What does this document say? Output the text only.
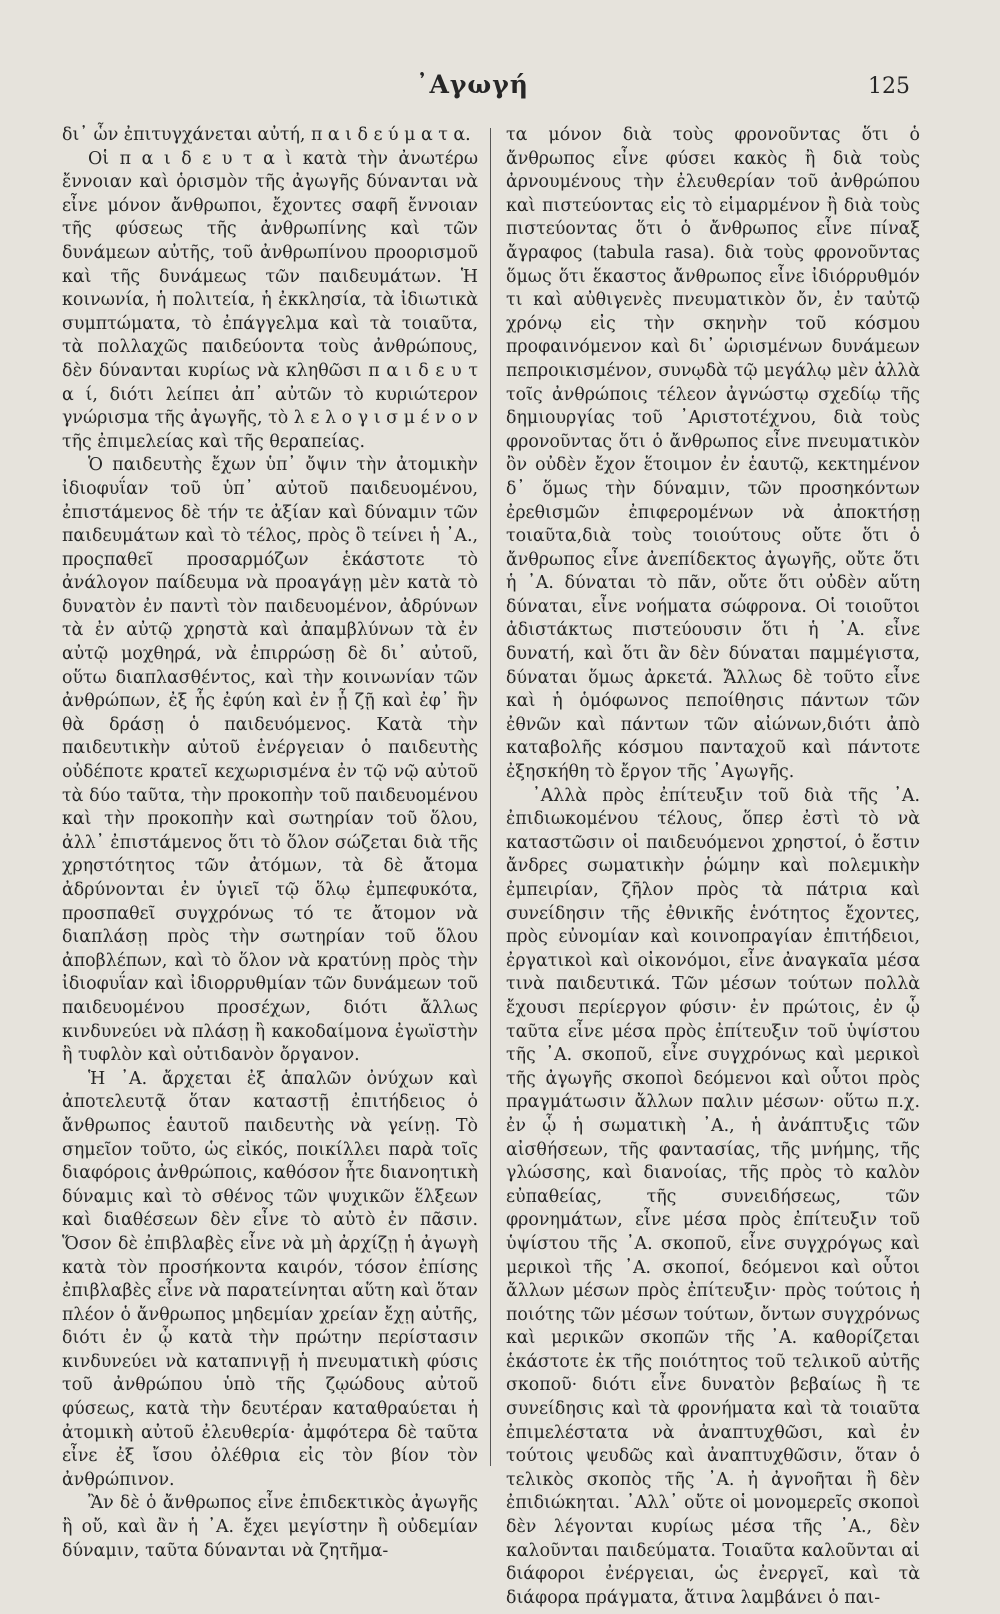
᾿Αγωγή	125

δι᾿ ὧν ἐπιτυγχάνεται αὐτή, π α ι δ ε ύ μ α τ α.

Οἱ π α ι δ ε υ τ α ὶ κατὰ τὴν ἀνωτέρω ἔννοιαν καὶ ὁρισμὸν τῆς ἀγωγῆς δύνανται νὰ εἶνε μόνον ἄνθρωποι, ἔχοντες σαφῆ ἔννοιαν τῆς φύσεως τῆς ἀνθρωπίνης καὶ τῶν δυνάμεων αὐτῆς, τοῦ ἀνθρωπίνου προορισμοῦ καὶ τῆς δυνάμεως τῶν παιδευμάτων. Ἡ κοινωνία, ἡ πολιτεία, ἡ ἐκκλησία, τὰ ἰδιωτικὰ συμπτώματα, τὸ ἐπάγγελμα καὶ τὰ τοιαῦτα, τὰ πολλαχῶς παιδεύοντα τοὺς ἀνθρώπους, δὲν δύνανται κυρίως νὰ κληθῶσι π α ι δ ε υ τ α ί, διότι λείπει ἀπ᾿ αὐτῶν τὸ κυριώτερον γνώρισμα τῆς ἀγωγῆς, τὸ λ ε λ ο γ ι σ μ έ ν ο ν τῆς ἐπιμελείας καὶ τῆς θεραπείας.

Ὁ παιδευτὴς ἔχων ὑπ᾿ ὄψιν τὴν ἀτομικὴν ἰδιοφυΐαν τοῦ ὑπ᾿ αὐτοῦ παιδευομένου, ἐπιστάμενος δὲ τήν τε ἀξίαν καὶ δύναμιν τῶν παιδευμάτων καὶ τὸ τέλος, πρὸς ὃ τείνει ἡ ᾿Α., προςπαθεῖ προσαρμόζων ἑκάστοτε τὸ ἀνάλογον παίδευμα νὰ προαγάγῃ μὲν κατὰ τὸ δυνατὸν ἐν παντὶ τὸν παιδευομένον, ἀδρύνων τὰ ἐν αὐτῷ χρηστὰ καὶ ἀπαμβλύνων τὰ ἐν αὐτῷ μοχθηρά, νὰ ἐπιρρώσῃ δὲ δι᾿ αὐτοῦ, οὕτω διαπλασθέντος, καὶ τὴν κοινωνίαν τῶν ἀνθρώπων, ἐξ ἧς ἐφύη καὶ ἐν ᾗ ζῇ καὶ ἐφ᾿ ἣν θὰ δράσῃ ὁ παιδευόμενος. Κατὰ τὴν παιδευτικὴν αὐτοῦ ἐνέργειαν ὁ παιδευτὴς οὐδέποτε κρατεῖ κεχωρισμένα ἐν τῷ νῷ αὐτοῦ τὰ δύο ταῦτα, τὴν προκοπὴν τοῦ παιδευομένου καὶ τὴν προκοπὴν καὶ σωτηρίαν τοῦ ὅλου, ἀλλ᾿ ἐπιστάμενος ὅτι τὸ ὅλον σώζεται διὰ τῆς χρηστότητος τῶν ἀτόμων, τὰ δὲ ἄτομα ἀδρύνονται ἐν ὑγιεῖ τῷ ὅλῳ ἐμπεφυκότα, προσπαθεῖ συγχρόνως τό τε ἄτομον νὰ διαπλάσῃ πρὸς τὴν σωτηρίαν τοῦ ὅλου ἀποβλέπων, καὶ τὸ ὅλον νὰ κρατύνῃ πρὸς τὴν ἰδιοφυΐαν καὶ ἰδιορρυθμίαν τῶν δυνάμεων τοῦ παιδευομένου προσέχων, διότι ἄλλως κινδυνεύει νὰ πλάσῃ ἢ κακοδαίμονα ἐγωϊστὴν ἢ τυφλὸν καὶ οὐτιδανὸν ὄργανον.

Ἡ ᾿Α. ἄρχεται ἐξ ἁπαλῶν ὀνύχων καὶ ἀποτελευτᾷ ὅταν καταστῇ ἐπιτήδειος ὁ ἄνθρωπος ἑαυτοῦ παιδευτὴς νὰ γείνῃ. Τὸ σημεῖον τοῦτο, ὡς εἰκός, ποικίλλει παρὰ τοῖς διαφόροις ἀνθρώποις, καθόσον ἧτε διανοητικὴ δύναμις καὶ τὸ σθένος τῶν ψυχικῶν ἕλξεων καὶ διαθέσεων δὲν εἶνε τὸ αὐτὸ ἐν πᾶσιν. Ὅσον δὲ ἐπιβλαβὲς εἶνε νὰ μὴ ἀρχίζῃ ἡ ἀγωγὴ κατὰ τὸν προσήκοντα καιρόν, τόσον ἐπίσης ἐπιβλαβὲς εἶνε νὰ παρατείνηται αὕτη καὶ ὅταν πλέον ὁ ἄνθρωπος μηδεμίαν χρείαν ἔχῃ αὐτῆς, διότι ἐν ᾧ κατὰ τὴν πρώτην περίστασιν κινδυνεύει νὰ καταπνιγῇ ἡ πνευματικὴ φύσις τοῦ ἀνθρώπου ὑπὸ τῆς ζῳώδους αὐτοῦ φύσεως, κατὰ τὴν δευτέραν καταθραύεται ἡ ἀτομικὴ αὐτοῦ ἐλευθερία· ἀμφότερα δὲ ταῦτα εἶνε ἐξ ἴσου ὀλέθρια εἰς τὸν βίον τὸν ἀνθρώπινον.

Ἂν δὲ ὁ ἄνθρωπος εἶνε ἐπιδεκτικὸς ἀγωγῆς ἢ οὔ, καὶ ἂν ἡ ᾿Α. ἔχει μεγίστην ἢ οὐδεμίαν δύναμιν, ταῦτα δύνανται νὰ ζητῆμα-

τα μόνον διὰ τοὺς φρονοῦντας ὅτι ὁ ἄνθρωπος εἶνε φύσει κακὸς ἢ διὰ τοὺς ἀρνουμένους τὴν ἐλευθερίαν τοῦ ἀνθρώπου καὶ πιστεύοντας εἰς τὸ εἱμαρμένον ἢ διὰ τοὺς πιστεύοντας ὅτι ὁ ἄνθρωπος εἶνε πίναξ ἄγραφος (tabula rasa). διὰ τοὺς φρονοῦντας ὅμως ὅτι ἕκαστος ἄνθρωπος εἶνε ἰδιόρρυθμόν τι καὶ αὐθιγενὲς πνευματικὸν ὄν, ἐν ταὐτῷ χρόνῳ εἰς τὴν σκηνὴν τοῦ κόσμου προφαινόμενον καὶ δι᾿ ὡρισμένων δυνάμεων πεπροικισμένον, συνῳδὰ τῷ μεγάλῳ μὲν ἀλλὰ τοῖς ἀνθρώποις τέλεον ἀγνώστῳ σχεδίῳ τῆς δημιουργίας τοῦ ᾿Αριστοτέχνου, διὰ τοὺς φρονοῦντας ὅτι ὁ ἄνθρωπος εἶνε πνευματικὸν ὂν οὐδὲν ἔχον ἕτοιμον ἐν ἑαυτῷ, κεκτημένον δ᾿ ὅμως τὴν δύναμιν, τῶν προσηκόντων ἐρεθισμῶν ἐπιφερομένων νὰ ἀποκτήσῃ τοιαῦτα,διὰ τοὺς τοιούτους οὔτε ὅτι ὁ ἄνθρωπος εἶνε ἀνεπίδεκτος ἀγωγῆς, οὔτε ὅτι ἡ ᾿Α. δύναται τὸ πᾶν, οὔτε ὅτι οὐδὲν αὕτη δύναται, εἶνε νοήματα σώφρονα. Οἱ τοιοῦτοι ἀδιστάκτως πιστεύουσιν ὅτι ἡ ᾿Α. εἶνε δυνατή, καὶ ὅτι ἂν δὲν δύναται παμμέγιστα, δύναται ὅμως ἀρκετά. Ἄλλως δὲ τοῦτο εἶνε καὶ ἡ ὁμόφωνος πεποίθησις πάντων τῶν ἐθνῶν καὶ πάντων τῶν αἰώνων,διότι ἀπὸ καταβολῆς κόσμου πανταχοῦ καὶ πάντοτε ἐξησκήθη τὸ ἔργον τῆς ᾿Αγωγῆς.

᾿Αλλὰ πρὸς ἐπίτευξιν τοῦ διὰ τῆς ᾿Α. ἐπιδιωκομένου τέλους, ὅπερ ἐστὶ τὸ νὰ καταστῶσιν οἱ παιδευόμενοι χρηστοί, ὁ ἔστιν ἄνδρες σωματικὴν ῥώμην καὶ πολεμικὴν ἐμπειρίαν, ζῆλον πρὸς τὰ πάτρια καὶ συνείδησιν τῆς ἐθνικῆς ἑνότητος ἔχοντες, πρὸς εὐνομίαν καὶ κοινοπραγίαν ἐπιτήδειοι, ἐργατικοὶ καὶ οἰκονόμοι, εἶνε ἀναγκαῖα μέσα τινὰ παιδευτικά. Τῶν μέσων τούτων πολλὰ ἔχουσι περίεργον φύσιν· ἐν πρώτοις, ἐν ᾧ ταῦτα εἶνε μέσα πρὸς ἐπίτευξιν τοῦ ὑψίστου τῆς ᾿Α. σκοποῦ, εἶνε συγχρόνως καὶ μερικοὶ τῆς ἀγωγῆς σκοποὶ δεόμενοι καὶ οὗτοι πρὸς πραγμάτωσιν ἄλλων παλιν μέσων· οὕτω π.χ. ἐν ᾧ ἡ σωματικὴ ᾿Α., ἡ ἀνάπτυξις τῶν αἰσθήσεων, τῆς φαντασίας, τῆς μνήμης, τῆς γλώσσης, καὶ διανοίας, τῆς πρὸς τὸ καλὸν εὐπαθείας, τῆς συνειδήσεως, τῶν φρονημάτων, εἶνε μέσα πρὸς ἐπίτευξιν τοῦ ὑψίστου τῆς ᾿Α. σκοποῦ, εἶνε συγχρόγως καὶ μερικοὶ τῆς ᾿Α. σκοποί, δεόμενοι καὶ οὗτοι ἄλλων μέσων πρὸς ἐπίτευξιν· πρὸς τούτοις ἡ ποιότης τῶν μέσων τούτων, ὄντων συγχρόνως καὶ μερικῶν σκοπῶν τῆς ᾿Α. καθορίζεται ἑκάστοτε ἐκ τῆς ποιότητος τοῦ τελικοῦ αὐτῆς σκοποῦ· διότι εἶνε δυνατὸν βεβαίως ἢ τε συνείδησις καὶ τὰ φρονήματα καὶ τὰ τοιαῦτα ἐπιμελέστατα νὰ ἀναπτυχθῶσι, καὶ ἐν τούτοις ψευδῶς καὶ ἀναπτυχθῶσιν, ὅταν ὁ τελικὸς σκοπὸς τῆς ᾿Α. ἠ ἀγνοῆται ἢ δὲν ἐπιδιώκηται. ᾿Αλλ᾿ οὔτε οἱ μονομερεῖς σκοποὶ δὲν λέγονται κυρίως μέσα τῆς ᾿Α., δὲν καλοῦνται παιδεύματα. Τοιαῦτα καλοῦνται αἱ διάφοροι ἐνέργειαι, ὡς ἐνεργεῖ, καὶ τὰ διάφορα πράγματα, ἅτινα λαμβάνει ὁ παι-
